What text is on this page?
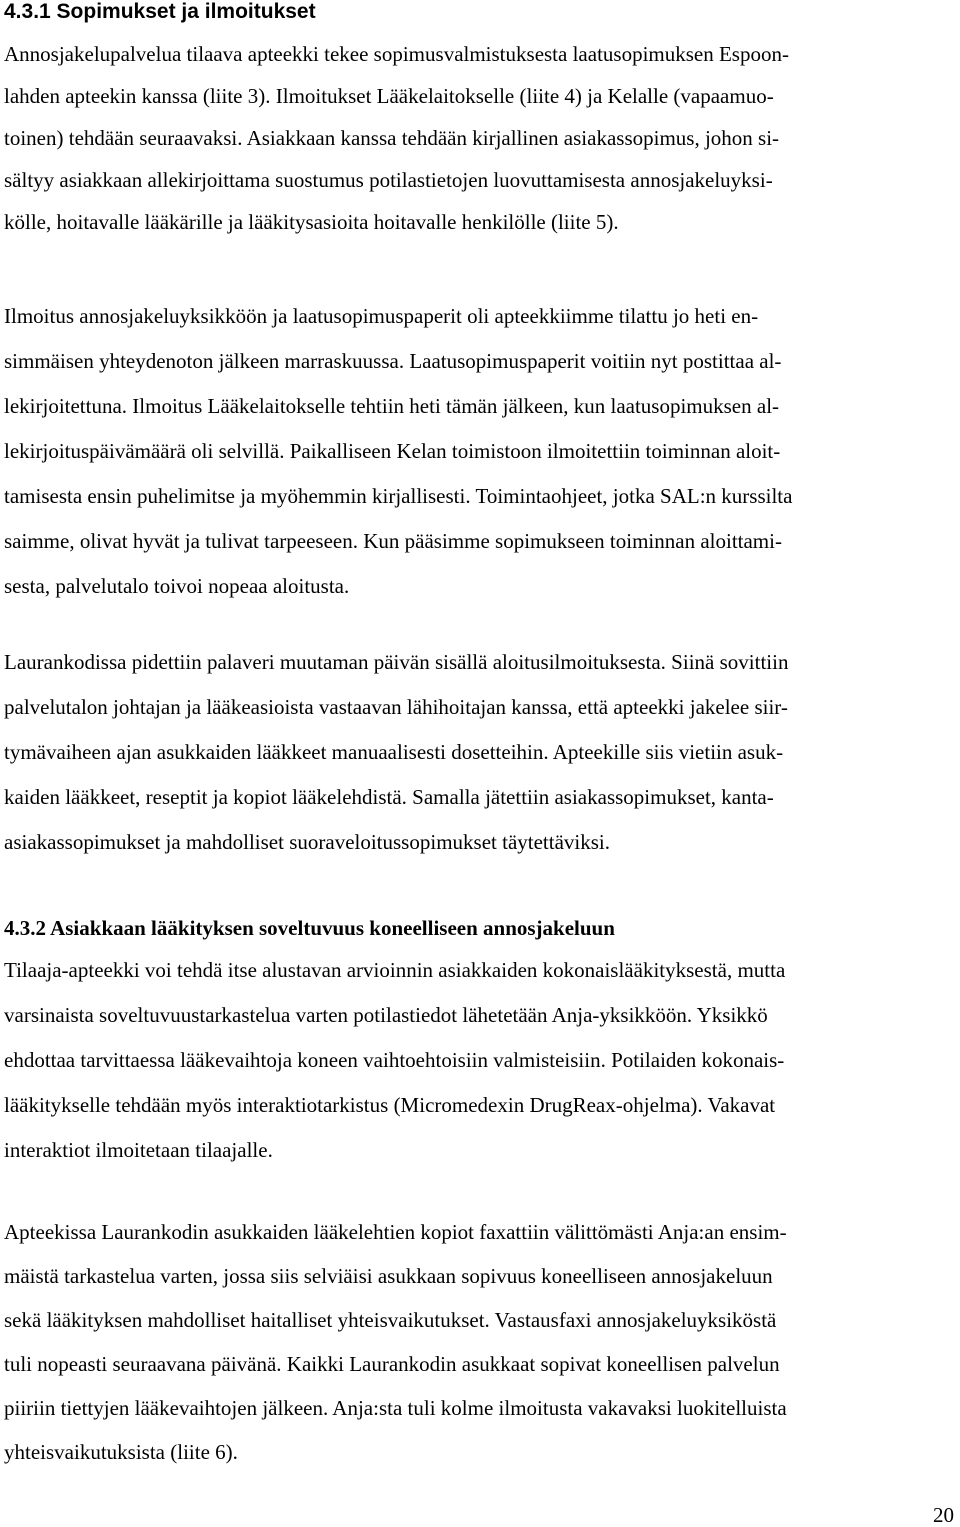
4.3.1 Sopimukset ja ilmoitukset
Annosjakelupalvelua tilaava apteekki tekee sopimusvalmistuksesta laatusopimuksen Espoon-
lahden apteekin kanssa (liite 3). Ilmoitukset Lääkelaitokselle (liite 4) ja Kelalle (vapaamuo-
toinen) tehdään seuraavaksi. Asiakkaan kanssa tehdään kirjallinen asiakassopimus, johon si-
sältyy asiakkaan allekirjoittama suostumus potilastietojen luovuttamisesta annosjakeluyksi-
kölle, hoitavalle lääkärille ja lääkitysasioita hoitavalle henkilölle (liite 5).
Ilmoitus annosjakeluyksikköön ja laatusopimuspaperit oli apteekkiimme tilattu jo heti en-
simmäisen yhteydenoton jälkeen marraskuussa. Laatusopimuspaperit voitiin nyt postittaa al-
lekirjoitettuna. Ilmoitus Lääkelaitokselle tehtiin heti tämän jälkeen, kun laatusopimuksen al-
lekirjoituspäivämäärä oli selvillä. Paikalliseen Kelan toimistoon ilmoitettiin toiminnan aloit-
tamisesta ensin puhelimitse ja myöhemmin kirjallisesti. Toimintaohjeet, jotka SAL:n kurssilta
saimme, olivat hyvät ja tulivat tarpeeseen. Kun pääsimme sopimukseen toiminnan aloittami-
sesta, palvelutalo toivoi nopeaa aloitusta.
Laurankodissa pidettiin palaveri muutaman päivän sisällä aloitusilmoituksesta. Siinä sovittiin
palvelutalon johtajan ja lääkeasioista vastaavan lähihoitajan kanssa, että apteekki jakelee siir-
tymävaiheen ajan asukkaiden lääkkeet manuaalisesti dosetteihin. Apteekille siis vietiin asuk-
kaiden lääkkeet, reseptit ja kopiot lääkelehdistä. Samalla jätettiin asiakassopimukset, kanta-
asiakassopimukset ja mahdolliset suoraveloitussopimukset täytettäviksi.
4.3.2 Asiakkaan lääkityksen soveltuvuus koneelliseen annosjakeluun
Tilaaja-apteekki voi tehdä itse alustavan arvioinnin asiakkaiden kokonaislääkityksestä, mutta
varsinaista soveltuvuustarkastelua varten potilastiedot lähetetään Anja-yksikköön. Yksikkö
ehdottaa tarvittaessa lääkevaihtoja koneen vaihtoehtoisiin valmisteisiin. Potilaiden kokonais-
lääkitykselle tehdään myös interaktiotarkistus (Micromedexin DrugReax-ohjelma). Vakavat
interaktiot ilmoitetaan tilaajalle.
Apteekissa Laurankodin asukkaiden lääkelehtien kopiot faxattiin välittömästi Anja:an ensim-
mäistä tarkastelua varten, jossa siis selviäisi asukkaan sopivuus koneelliseen annosjakeluun
sekä lääkityksen mahdolliset haitalliset yhteisvaikutukset. Vastausfaxi annosjakeluyksiköstä
tuli nopeasti seuraavana päivänä. Kaikki Laurankodin asukkaat sopivat koneellisen palvelun
piiriin tiettyjen lääkevaihtojen jälkeen. Anja:sta tuli kolme ilmoitusta vakavaksi luokitelluista
yhteisvaikutuksista (liite 6).
20
